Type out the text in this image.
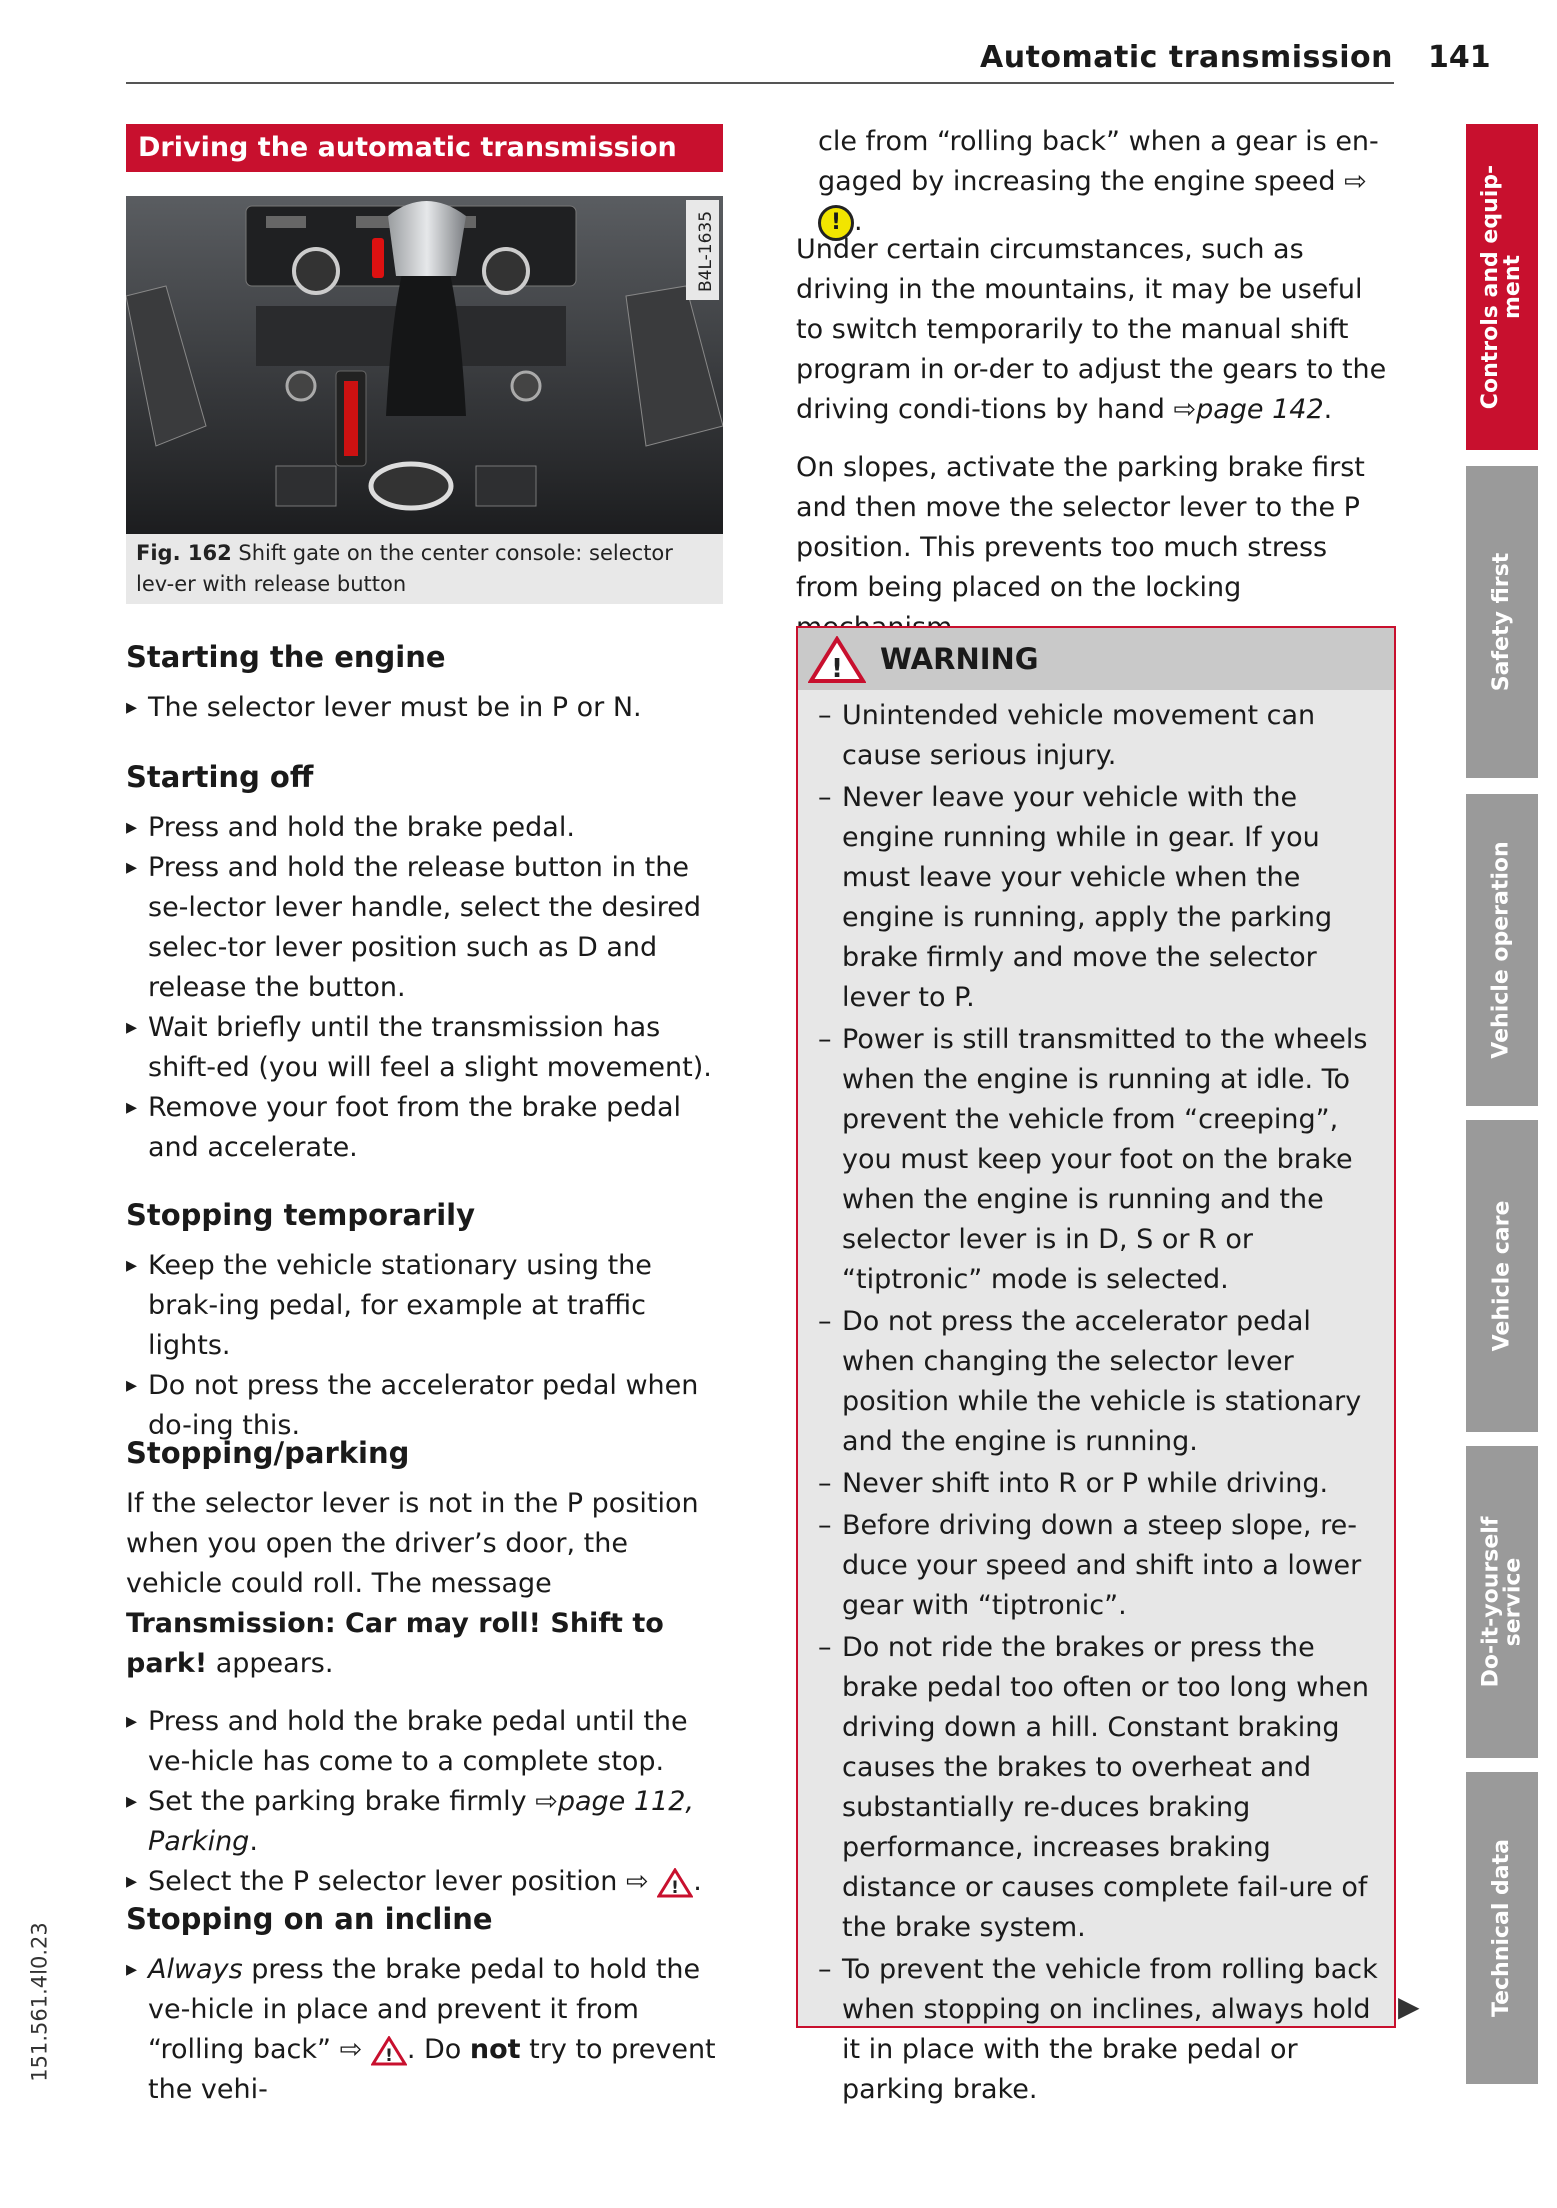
Automatic transmission 141
Driving the automatic transmission
B4L-1635
Fig. 162 Shift gate on the center console: selector lev-er with release button
Starting the engine
▸ The selector lever must be in P or N.
Starting off
▸ Press and hold the brake pedal.
▸ Press and hold the release button in the se-lector lever handle, select the desired selec-tor lever position such as D and release the button.
▸ Wait briefly until the transmission has shift-ed (you will feel a slight movement).
▸ Remove your foot from the brake pedal and accelerate.
Stopping temporarily
▸ Keep the vehicle stationary using the brak-ing pedal, for example at traffic lights.
▸ Do not press the accelerator pedal when do-ing this.
Stopping/parking
If the selector lever is not in the P position when you open the driver’s door, the vehicle could roll. The message Transmission: Car may roll! Shift to park! appears.
▸ Press and hold the brake pedal until the ve-hicle has come to a complete stop.
▸ Set the parking brake firmly ⇨page 112, Parking.
▸ Select the P selector lever position ⇨ ! .
Stopping on an incline
▸ Always press the brake pedal to hold the ve-hicle in place and prevent it from “rolling back” ⇨ ! . Do not try to prevent the vehi-
cle from “rolling back” when a gear is en-gaged by increasing the engine speed ⇨ ! .
Under certain circumstances, such as driving in the mountains, it may be useful to switch temporarily to the manual shift program in or-der to adjust the gears to the driving condi-tions by hand ⇨page 142.
On slopes, activate the parking brake first and then move the selector lever to the P position. This prevents too much stress from being placed on the locking
! WARNING
– Unintended vehicle movement can cause serious injury.
– Never leave your vehicle with the engine running while in gear. If you must leave your vehicle when the engine is running, apply the parking brake firmly and move the selector lever to P.
– Power is still transmitted to the wheels when the engine is running at idle. To prevent the vehicle from “creeping”, you must keep your foot on the brake when the engine is running and the selector lever is in D, S or R or “tiptronic” mode is selected.
– Do not press the accelerator pedal when changing the selector lever position while the vehicle is stationary and the engine is running.
– Never shift into R or P while driving.
– Before driving down a steep slope, re-duce your speed and shift into a lower gear with “tiptronic”.
– Do not ride the brakes or press the brake pedal too often or too long when driving down a hill. Constant braking causes the brakes to overheat and substantially re-duces braking performance, increases braking distance or causes complete fail-ure of the brake system.
– To prevent the vehicle from rolling back when stopping on inclines, always hold it in place with the brake pedal or parking brake.
▶
Controls and equip-
ment
Safety first
Vehicle operation
Vehicle care
Do-it-yourself
service
Technical data
151.561.4l0.23
